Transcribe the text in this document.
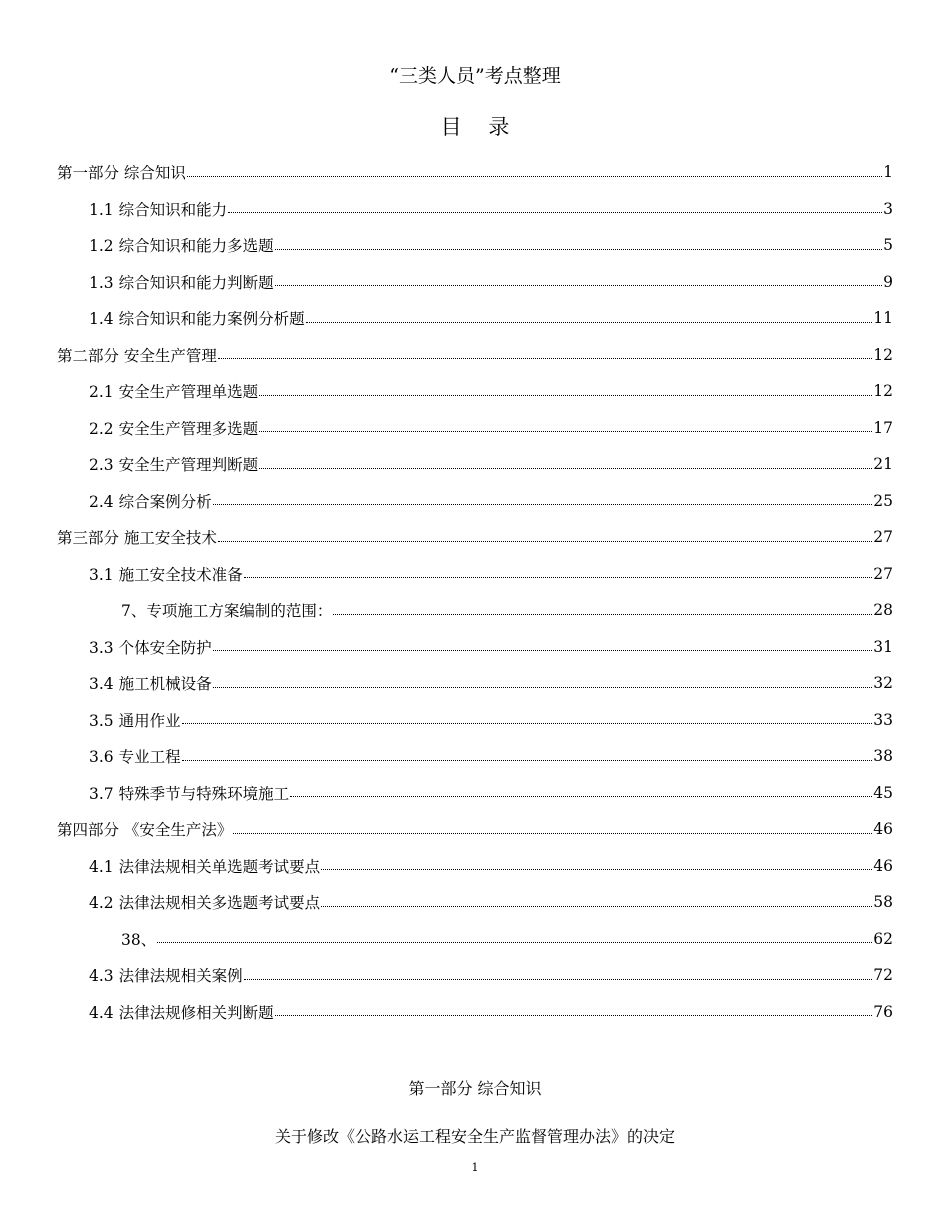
“三类人员”考点整理
目 录
第一部分 综合知识	1
1.1 综合知识和能力	3
1.2 综合知识和能力多选题	5
1.3 综合知识和能力判断题	9
1.4 综合知识和能力案例分析题	11
第二部分 安全生产管理	12
2.1 安全生产管理单选题	12
2.2 安全生产管理多选题	17
2.3 安全生产管理判断题	21
2.4 综合案例分析	25
第三部分 施工安全技术	27
3.1 施工安全技术准备	27
7、专项施工方案编制的范围：	28
3.3 个体安全防护	31
3.4 施工机械设备	32
3.5 通用作业	33
3.6 专业工程	38
3.7 特殊季节与特殊环境施工	45
第四部分 《安全生产法》	46
4.1 法律法规相关单选题考试要点	46
4.2 法律法规相关多选题考试要点	58
38、	62
4.3 法律法规相关案例	72
4.4 法律法规修相关判断题	76
第一部分 综合知识
关于修改《公路水运工程安全生产监督管理办法》的决定
1
